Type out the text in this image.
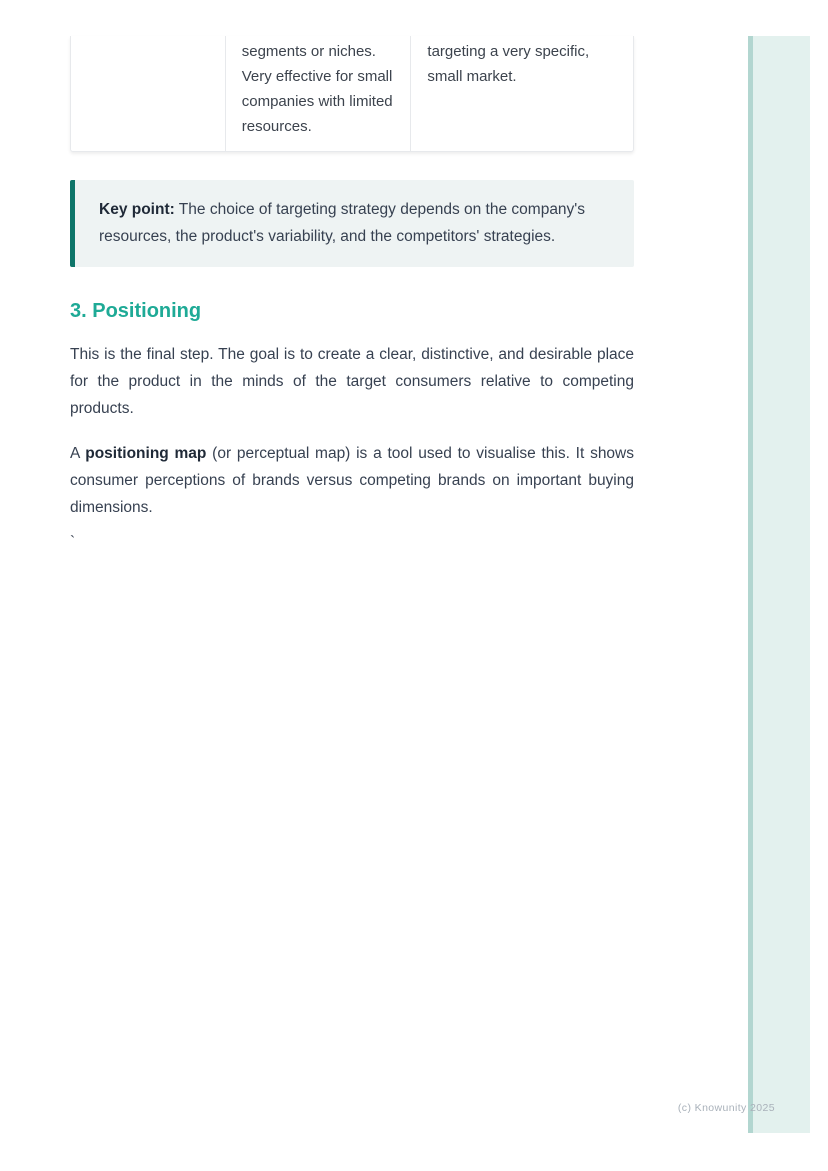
segments or niches. Very effective for small companies with limited resources.
targeting a very specific, small market.
Key point: The choice of targeting strategy depends on the company's resources, the product's variability, and the competitors' strategies.
3. Positioning

This is the final step. The goal is to create a clear, distinctive, and desirable place for the product in the minds of the target consumers relative to competing products.

A positioning map (or perceptual map) is a tool used to visualise this. It shows consumer perceptions of brands versus competing brands on important buying dimensions.

`

(c) Knowunity 2025
